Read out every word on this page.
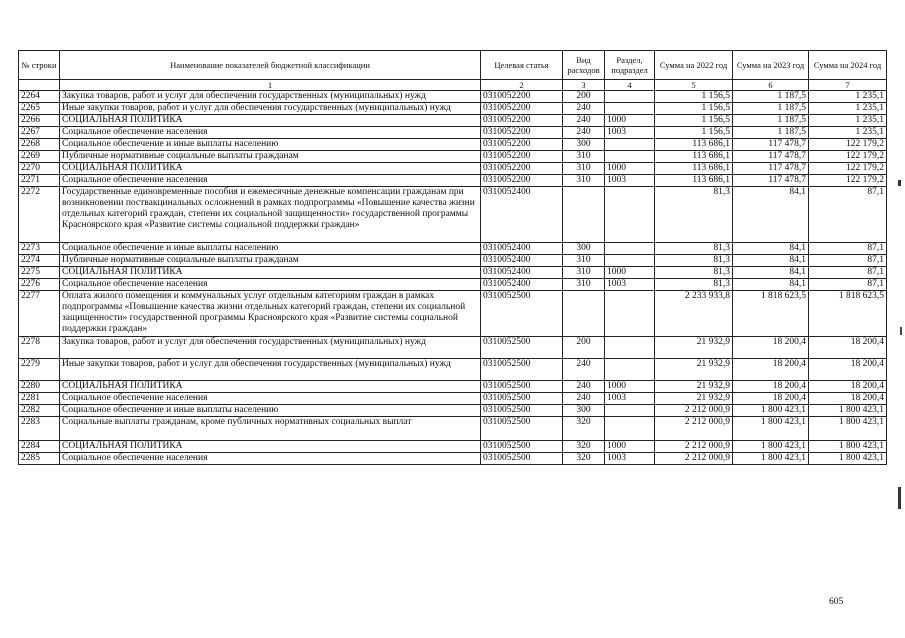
№ строки	Наименование показателей бюджетной классификации	Целевая статья	Вид расходов	Раздел, подраздел	Сумма на 2022 год	Сумма на 2023 год	Сумма на 2024 год
	1	2	3	4	5	6	7
2264	Закупка товаров, работ и услуг для обеспечения государственных (муниципальных) нужд	0310052200	200		1 156,5	1 187,5	1 235,1
2265	Иные закупки товаров, работ и услуг для обеспечения государственных (муниципальных) нужд	0310052200	240		1 156,5	1 187,5	1 235,1
2266	СОЦИАЛЬНАЯ ПОЛИТИКА	0310052200	240	1000	1 156,5	1 187,5	1 235,1
2267	Социальное обеспечение населения	0310052200	240	1003	1 156,5	1 187,5	1 235,1
2268	Социальное обеспечение и иные выплаты населению	0310052200	300		113 686,1	117 478,7	122 179,2
2269	Публичные нормативные социальные выплаты гражданам	0310052200	310		113 686,1	117 478,7	122 179,2
2270	СОЦИАЛЬНАЯ ПОЛИТИКА	0310052200	310	1000	113 686,1	117 478,7	122 179,2
2271	Социальное обеспечение населения	0310052200	310	1003	113 686,1	117 478,7	122 179,2
2272	Государственные единовременные пособия и ежемесячные денежные компенсации гражданам при возникновении поствакцинальных осложнений в рамках подпрограммы «Повышение качества жизни отдельных категорий граждан, степени их социальной защищенности» государственной программы Красноярского края «Развитие системы социальной поддержки граждан»	0310052400			81,3	84,1	87,1
2273	Социальное обеспечение и иные выплаты населению	0310052400	300		81,3	84,1	87,1
2274	Публичные нормативные социальные выплаты гражданам	0310052400	310		81,3	84,1	87,1
2275	СОЦИАЛЬНАЯ ПОЛИТИКА	0310052400	310	1000	81,3	84,1	87,1
2276	Социальное обеспечение населения	0310052400	310	1003	81,3	84,1	87,1
2277	Оплата жилого помещения и коммунальных услуг отдельным категориям граждан в рамках подпрограммы «Повышение качества жизни отдельных категорий граждан, степени их социальной защищенности» государственной программы Красноярского края «Развитие системы социальной поддержки граждан»	0310052500			2 233 933,8	1 818 623,5	1 818 623,5
2278	Закупка товаров, работ и услуг для обеспечения государственных (муниципальных) нужд	0310052500	200		21 932,9	18 200,4	18 200,4
2279	Иные закупки товаров, работ и услуг для обеспечения государственных (муниципальных) нужд	0310052500	240		21 932,9	18 200,4	18 200,4
2280	СОЦИАЛЬНАЯ ПОЛИТИКА	0310052500	240	1000	21 932,9	18 200,4	18 200,4
2281	Социальное обеспечение населения	0310052500	240	1003	21 932,9	18 200,4	18 200,4
2282	Социальное обеспечение и иные выплаты населению	0310052500	300		2 212 000,9	1 800 423,1	1 800 423,1
2283	Социальные выплаты гражданам, кроме публичных нормативных социальных выплат	0310052500	320		2 212 000,9	1 800 423,1	1 800 423,1
2284	СОЦИАЛЬНАЯ ПОЛИТИКА	0310052500	320	1000	2 212 000,9	1 800 423,1	1 800 423,1
2285	Социальное обеспечение населения	0310052500	320	1003	2 212 000,9	1 800 423,1	1 800 423,1
605
